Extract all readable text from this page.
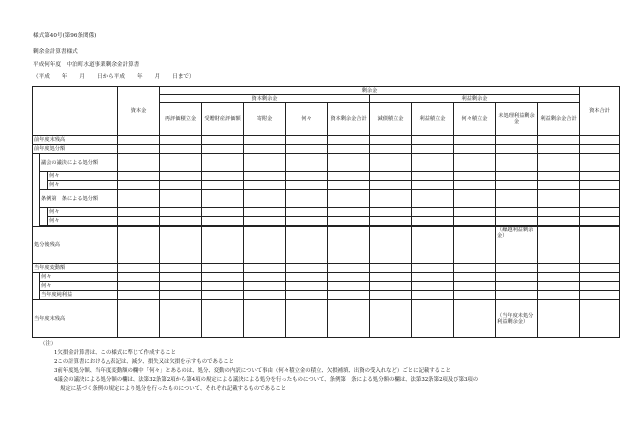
様式第40号(第96条関係)
剰余金計算書様式
平成何年度　中泊町水道事業剰余金計算書
（平成 年 月 日から平成 年 月 日まで）
			資本金	剰余金										資本合計
				資本剰余金					利益剰余金					
				再評価積立金	受贈財産評価額	寄附金	何々	資本剰余金合計	減債積立金	利益積立金	何々積立金	未処理利益剰余金	利益剰余金合計	
前年度末残高														
前年度処分額														
	議会の議決による処分額													
		何々												
		何々												
	条例第　条による処分額													
		何々												
		何々												

処分後残高												（繰越利益剰余金）		
当年度変動額														
	何々													
	何々													
	当年度純利益													
当年度末残高												（当年度未処分利益剰余金）		
（注）
1欠損金計算書は、この様式に準じて作成すること
2この計算書における△表記は、減少、損失又は欠損を示すものであること
3前年度処分額、当年度変動額の欄中「何々」とあるのは、処分、変動の内訳について事由（何々積立金の積立、欠損補填、出資の受入れなど）ごとに記載すること
4議会の議決による処分額の欄は、法第32条第2項から第4項の規定による議決による処分を行ったものについて、条例第　条による処分額の欄は、法第32条第2項及び第3項の
規定に基づく条例の規定により処分を行ったものについて、それぞれ記載するものであること
